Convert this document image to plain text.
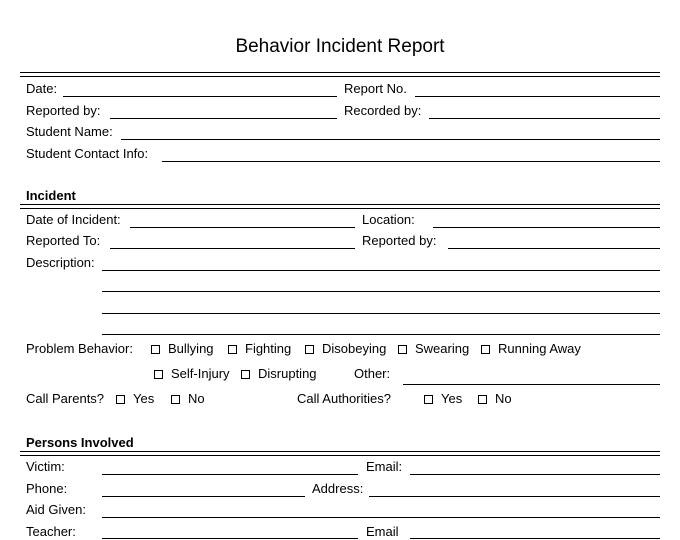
Behavior Incident Report
Date:	Report No.
Reported by:	Recorded by:
Student Name:
Student Contact Info:
Incident
Date of Incident:	Location:
Reported To:	Reported by:
Description:
Problem Behavior:	Bullying Fighting Disobeying Swearing Running Away
Self-Injury Disrupting	Other:
Call Parents? Yes	No	Call Authorities?	Yes	No
Persons Involved
Victim:	Email:
Phone:	Address:
Aid Given:
Teacher:	Email
